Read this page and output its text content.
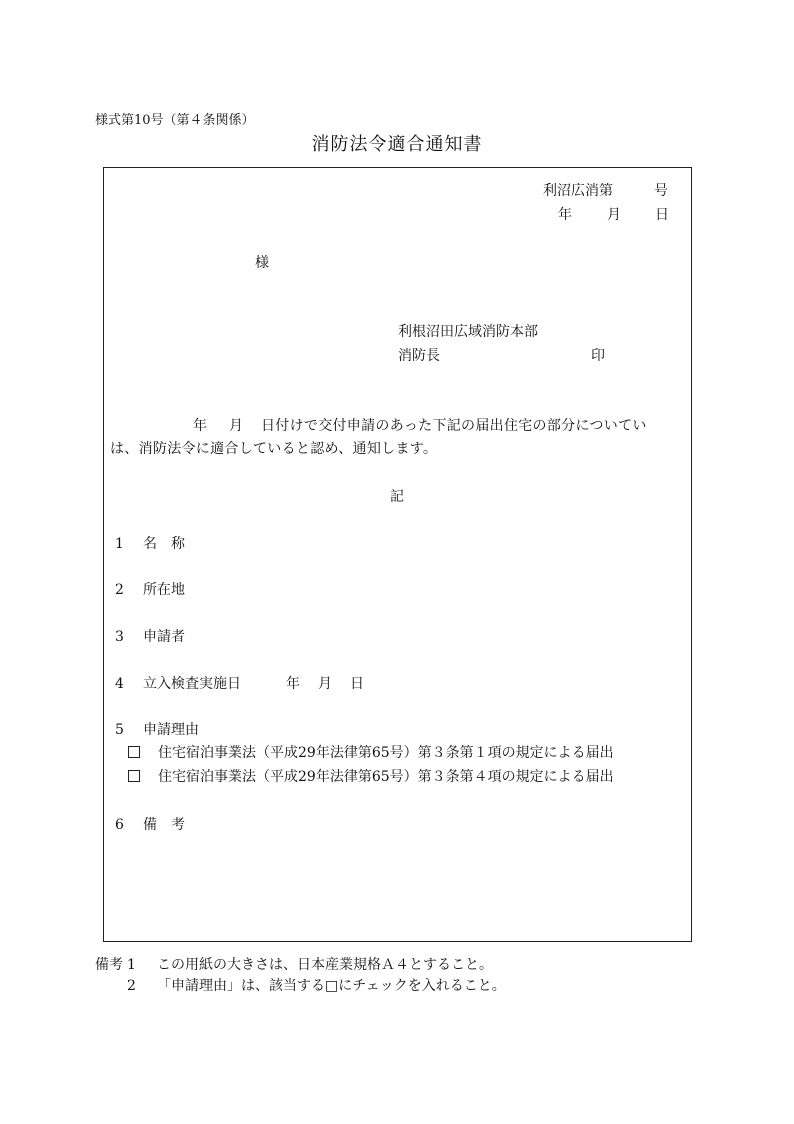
様式第10号（第４条関係）
消防法令適合通知書
利沼広消第	号
年	月 日
様
利根沼田広域消防本部
消防長	印
年 月 日付けで交付申請のあった下記の届出住宅の部分についてい
は、消防法令に適合していると認め、通知します。
記
1 名　称
2 所在地
3 申請者
4 立入検査実施日	年 月 日
5 申請理由
住宅宿泊事業法（平成29年法律第65号）第３条第１項の規定による届出
住宅宿泊事業法（平成29年法律第65号）第３条第４項の規定による届出
6 備　考
備考 1 この用紙の大きさは、日本産業規格Ａ４とすること。
2 「申請理由」は、該当する□にチェックを入れること。
